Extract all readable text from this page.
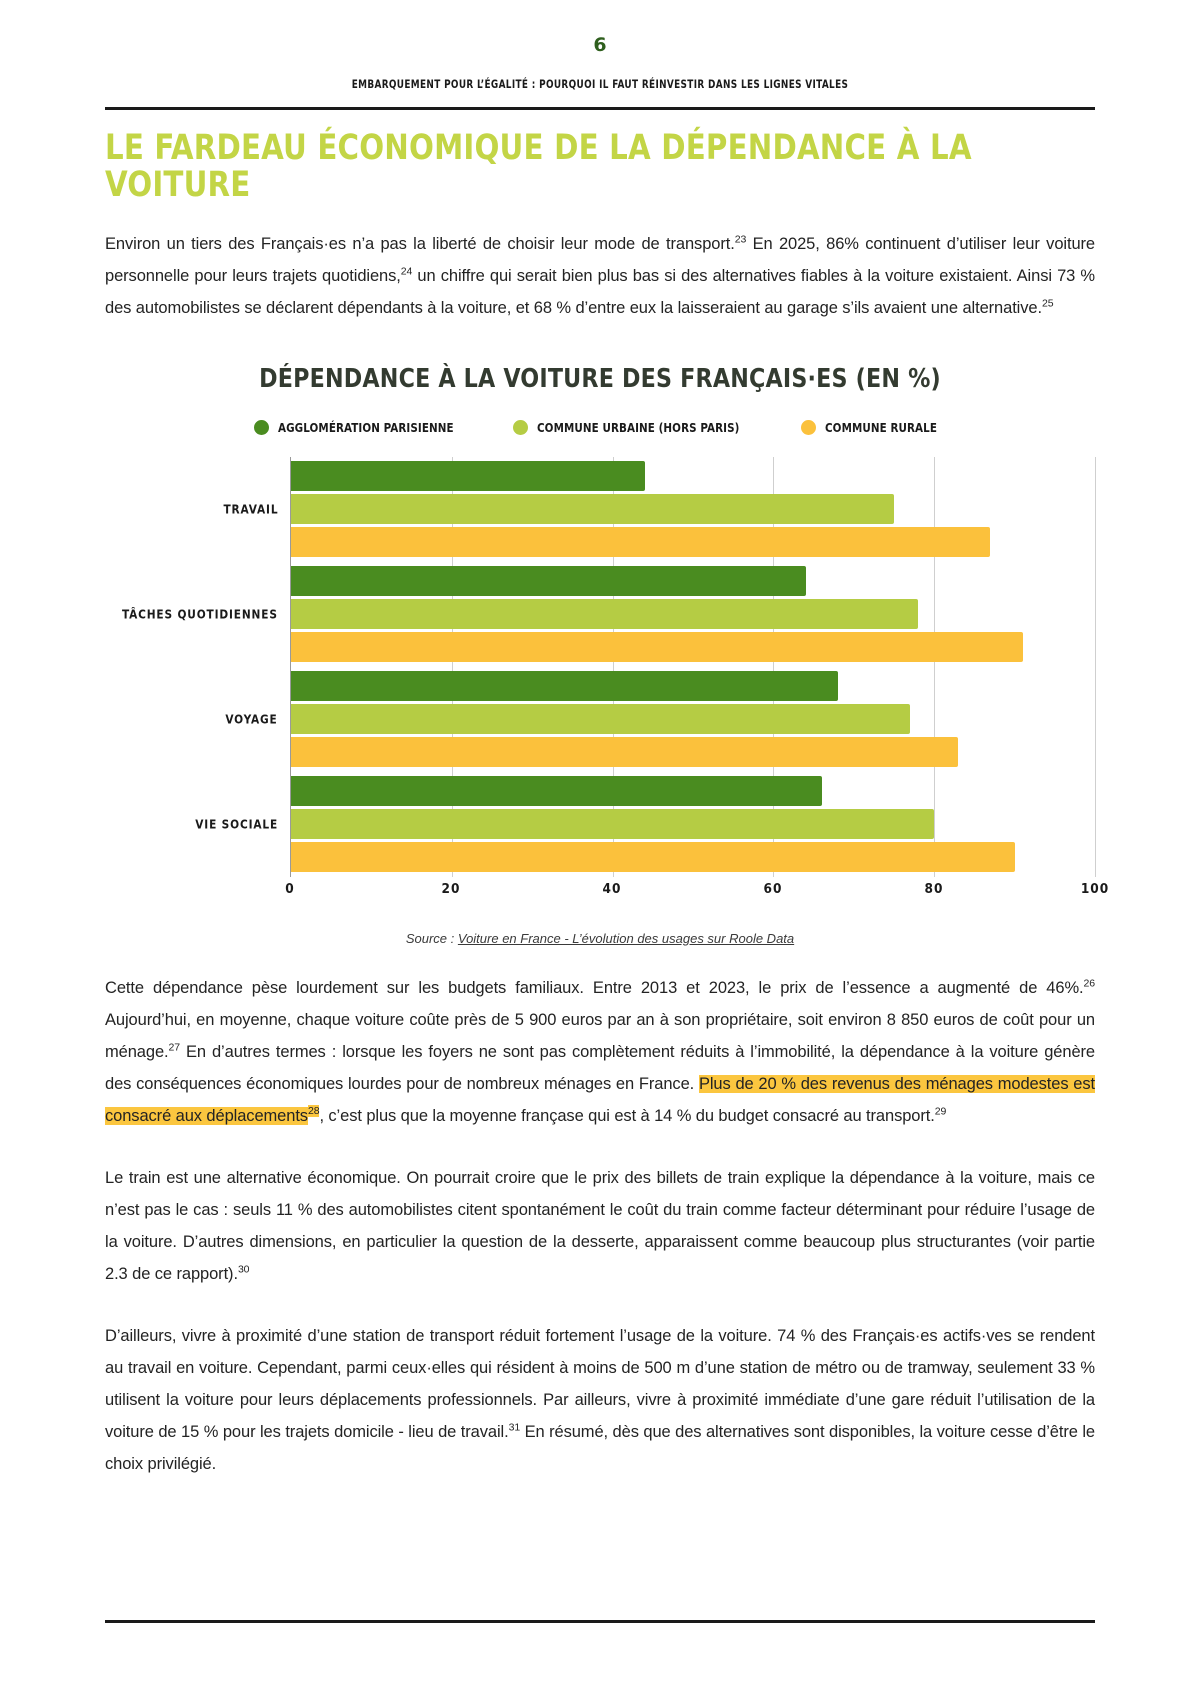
6
EMBARQUEMENT POUR L’ÉGALITÉ : POURQUOI IL FAUT RÉINVESTIR DANS LES LIGNES VITALES
LE FARDEAU ÉCONOMIQUE DE LA DÉPENDANCE À LA VOITURE

Environ un tiers des Français·es n’a pas la liberté de choisir leur mode de transport.$^{23}$ En 2025, 86% continuent d’utiliser leur voiture personnelle pour leurs trajets quotidiens,$^{24}$ un chiffre qui serait bien plus bas si des alternatives fiables à la voiture existaient. Ainsi 73 % des automobilistes se déclarent dépendants à la voiture, et 68 % d’entre eux la laisseraient au garage s’ils avaient une alternative.$^{25}$

DÉPENDANCE À LA VOITURE DES FRANÇAIS·ES (EN %)
AGGLOMÉRATION PARISIENNE	COMMUNE URBAINE (HORS PARIS)	COMMUNE RURALE
TRAVAIL
TÂCHES QUOTIDIENNES
VOYAGE
VIE SOCIALE
0	20	40	60	80	100
Source : Voiture en France - L’évolution des usages sur Roole Data

Cette dépendance pèse lourdement sur les budgets familiaux. Entre 2013 et 2023, le prix de l’essence a augmenté de 46%.$^{26}$ Aujourd’hui, en moyenne, chaque voiture coûte près de 5 900 euros par an à son propriétaire, soit environ 8 850 euros de coût pour un ménage.$^{27}$ En d’autres termes : lorsque les foyers ne sont pas complètement réduits à l’immobilité, la dépendance à la voiture génère des conséquences économiques lourdes pour de nombreux ménages en France. Plus de 20 % des revenus des ménages modestes est consacré aux déplacements$^{28}$, c’est plus que la moyenne françase qui est à 14 % du budget consacré au transport.$^{29}$

Le train est une alternative économique. On pourrait croire que le prix des billets de train explique la dépendance à la voiture, mais ce n’est pas le cas : seuls 11 % des automobilistes citent spontanément le coût du train comme facteur déterminant pour réduire l’usage de la voiture. D’autres dimensions, en particulier la question de la desserte, apparaissent comme beaucoup plus structurantes (voir partie 2.3 de ce rapport).$^{30}$

D’ailleurs, vivre à proximité d’une station de transport réduit fortement l’usage de la voiture. 74 % des Français·es actifs·ves se rendent au travail en voiture. Cependant, parmi ceux·elles qui résident à moins de 500 m d’une station de métro ou de tramway, seulement 33 % utilisent la voiture pour leurs déplacements professionnels. Par ailleurs, vivre à proximité immédiate d’une gare réduit l’utilisation de la voiture de 15 % pour les trajets domicile - lieu de travail.$^{31}$ En résumé, dès que des alternatives sont disponibles, la voiture cesse d’être le choix privilégié.
